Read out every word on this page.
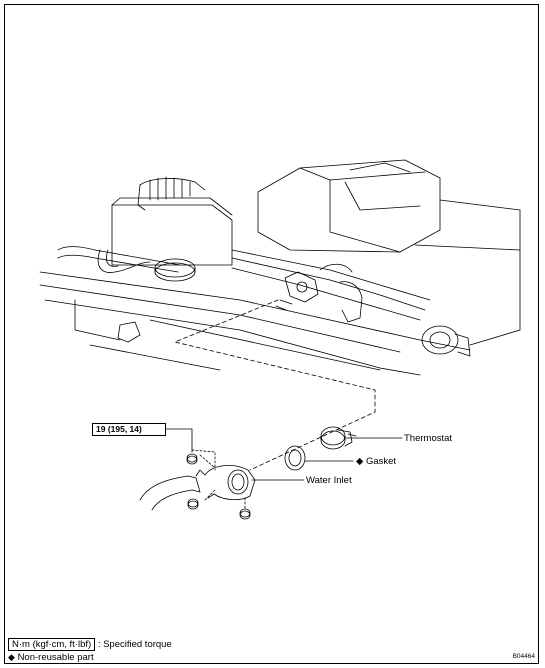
19 (195, 14)
Thermostat
◆ Gasket
Water Inlet
N·m (kgf·cm, ft·lbf) : Specified torque
◆ Non-reusable part	B04464
